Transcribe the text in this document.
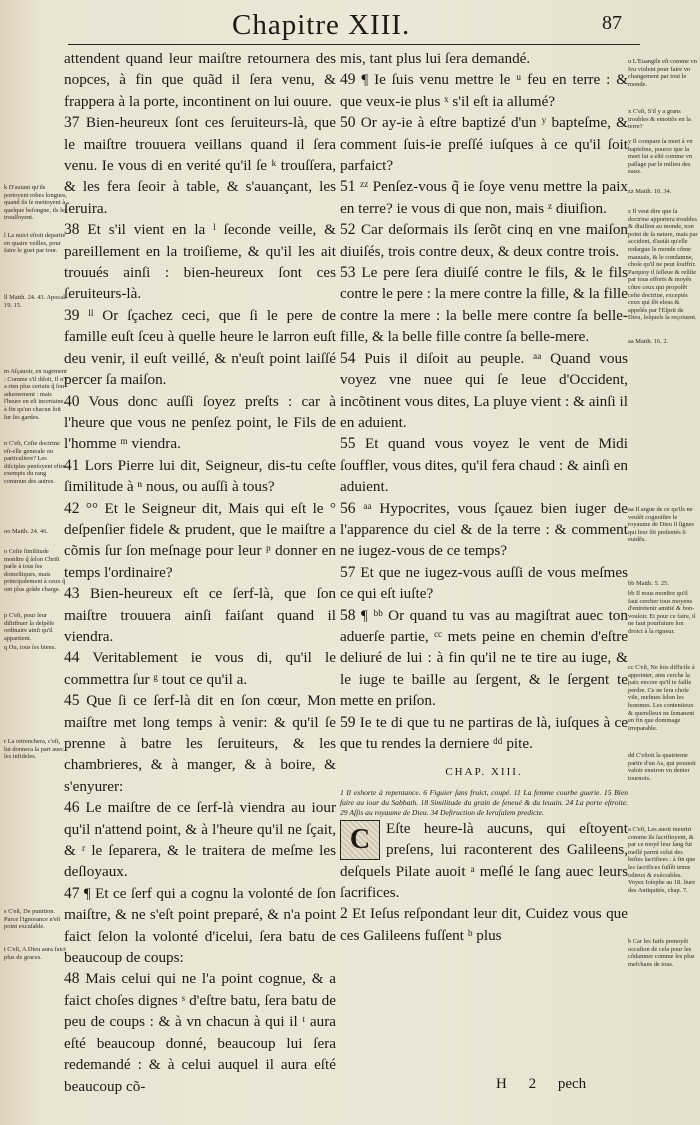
Chapitre XIII.	87

k D'autant qu'ils portoyent robes longues, quand ils ſe mettoyent à quelque beſongne, ils les trouſſoyent.

l La nuict eſtoit departie en quatre veilles, pour faire le guet par tour.

ll Matth. 24. 43. Apocal. 19. 15.

m Aſçauoir, en iugement : Comme s'il diſoit, Il n'y a rien plus certain q̃ ſon aduenement : mais l'heure en eſt incertaine, à fin qu'un chacun ſoit ſur ſes gardes.

n C'eſt, Ceſte doctrine eſt-elle generale ou particuliere? Les diſciples penſoyent eſtre exempts du rang commun des autres.

oo Matth. 24. 46.

o Ceſte ſimilitude monſtre q̃ ſelon Chriſt parle à tous ſes domeſtiques, mais principalement à ceux q̃ ont plus grãde charge.

p C'eſt, pour leur diſtribuer la deſpẽſe ordinaire ainſi qu'il appartient.

q Ou, tous ſes biens.

r La retrenchera, c'eſt, lui donnera ſa part auec les infideles.

s C'eſt, De punition. Parce l'ignorance n'eſt point excuſable.

t C'eſt, A Dieu aura faict plus de graces.

u L'Euangile eſt comme vn feu violent pour faire vn changement par tout le monde.

x C'eſt, S'il y a grans troubles & emotiõs en la terre?

y Il compare ſa mort à vn bapteſme, pource que la mort lui a eſté comme vn paſſage par le milieu des eaux.

zz Matth. 10. 34.

z Il veut dire que ſa doctrine apportera troubles & diuiſion au monde, non point de ſa nature, mais par accident, d'autãt qu'elle redargue le monde cõme mauuais, & le condamne, choſe qu'il ne peut ſouffrir. Parquoy il ſeſleue & reſiſte par tous efforts & moyẽs côtre ceux qui propoſẽt ceſte doctrine, exceptés ceux qui ſõt eleus & appelés par l'Eſprit de Dieu, leſquels la reçoiuent.

aa Matth. 16. 2.

aa Il argue de ce qu'ils ne veulẽt cognoiſtre le royaume de Dieu ſi ſignes qui leur ſõt preſentés ſi euidẽs.

bb Matth. 5. 25.

bb Il nous monſtre qu'il faut cercher tous moyens d'entretenir amitié & bon-vouloir. Et pour ce faire, il ne faut pourſuiure ſon droict à la rigueur.

cc C'eſt, Ne ſois difficile à appointer, ains cerche la paix encore qu'il te faille perdre. Ce ne ſera choſe vile, meſmes ſelon les hommes. Les contentieux & querelleux ne ſemanent en fin que dommage irreparable.

dd C'eſtoit la quatrieme partie d'un As, qui pouuoit valoir enuiron vn denier tournois.

a C'eſt, Les auoit meurtri comme ils ſacrifioyent, & par ce moyẽ leur ſang fut meſlé parmi celui des beſtes ſacrifiees : à fin que les ſacrifices fuſſẽt tenus odieux & exécrables. Voyez Ioſephe au 18. liure des Antiquités, chap. 7.

b Car les Iuifs prenoyẽt occaſion de cela pour les cõdamner comme les plus meſchans de tous.

attendent quand leur maiſtre retournera des nopces, à fin que quãd il ſera venu, & frappera à la porte, incontinent on lui ouure.

37 Bien-heureux ſont ces ſeruiteurs-là, que le maiſtre trouuera veillans quand il ſera venu. Ie vous di en verité qu'il ſe ᵏ trouſſera, & les fera ſeoir à table, & s'auançant, les ſeruira.

38 Et s'il vient en la ˡ ſeconde veille, & pareillement en la troiſieme, & qu'il les ait trouués ainſi : bien-heureux ſont ces ſeruiteurs-là.

39 ˡˡ Or ſçachez ceci, que ſi le pere de famille euſt ſceu à quelle heure le larron euſt deu venir, il euſt veillé, & n'euſt point laiſſé percer ſa maiſon.

40 Vous donc auſſi ſoyez preſts : car à l'heure que vous ne penſez point, le Fils de l'homme ᵐ viendra.

41 Lors Pierre lui dit, Seigneur, dis-tu ceſte ſimilitude à ⁿ nous, ou auſſi à tous?

42 °° Et le Seigneur dit, Mais qui eſt le ° deſpenſier fidele & prudent, que le maiſtre a cõmis ſur ſon meſnage pour leur ᵖ donner en temps l'ordinaire?

43 Bien-heureux eſt ce ſerf-là, que ſon maiſtre trouuera ainſi faiſant quand il viendra.

44 Veritablement ie vous di, qu'il le commettra ſur ᵍ tout ce qu'il a.

45 Que ſi ce ſerf-là dit en ſon cœur, Mon maiſtre met long temps à venir: & qu'il ſe prenne à batre les ſeruiteurs, & les chambrieres, & à manger, & à boire, & s'enyurer:

46 Le maiſtre de ce ſerf-là viendra au iour qu'il n'attend point, & à l'heure qu'il ne ſçait, & ʳ le ſeparera, & le traitera de meſme les deſloyaux.

47 ¶ Et ce ſerf qui a cognu la volonté de ſon maiſtre, & ne s'eſt point preparé, & n'a point faict ſelon la volonté d'icelui, ſera batu de beaucoup de coups:

48 Mais celui qui ne l'a point cognue, & a faict choſes dignes ˢ d'eſtre batu, ſera batu de peu de coups : & à vn chacun à qui il ᵗ aura eſté beaucoup donné, beaucoup lui ſera redemandé : & à celui auquel il aura eſté beaucoup cõ-

mis, tant plus lui ſera demandé.

49 ¶ Ie ſuis venu mettre le ᵘ feu en terre : & que veux-ie plus ˣ s'il eſt ia allumé?

50 Or ay-ie à eſtre baptizé d'un ʸ bapteſme, & comment ſuis-ie preſſé iuſques à ce qu'il ſoit parfaict?

51 ᶻᶻ Penſez-vous q̃ ie ſoye venu mettre la paix en terre? ie vous di que non, mais ᶻ diuiſion.

52 Car deſormais ils ſerõt cinq en vne maiſon diuiſés, trois contre deux, & deux contre trois.

53 Le pere ſera diuiſé contre le fils, & le fils contre le pere : la mere contre la fille, & la fille contre la mere : la belle mere contre ſa belle-fille, & la belle fille contre ſa belle-mere.

54 Puis il diſoit au peuple. ᵃᵃ Quand vous voyez vne nuee qui ſe leue d'Occident, incõtinent vous dites, La pluye vient : & ainſi il en aduient.

55 Et quand vous voyez le vent de Midi ſouffler, vous dites, qu'il fera chaud : & ainſi en aduient.

56 ᵃᵃ Hypocrites, vous ſçauez bien iuger de l'apparence du ciel & de la terre : & comment ne iugez-vous de ce temps?

57 Et que ne iugez-vous auſſi de vous meſmes ce qui eſt iuſte?

58 ¶ ᵇᵇ Or quand tu vas au magiſtrat auec ton aduerſe partie, ᶜᶜ mets peine en chemin d'eſtre deliuré de lui : à fin qu'il ne te tire au iuge, & le iuge te baille au ſergent, & le ſergent te mette en priſon.

59 Ie te di que tu ne partiras de là, iuſques à ce que tu rendes la derniere ᵈᵈ pite.

CHAP. XIII.

1 Il exhorte à repentance. 6 Figuier ſans fruict, coupé. 11 La femme courbe guerie. 15 Bien faire au iour du Sabbath. 18 Similitude du grain de ſeneué & du leuain. 24 La porte eſtroite. 29 Aſſis au royaume de Dieu. 34 Deſtruction de Ieruſalem predicte.

C	Eſte heure-là aucuns, qui eſtoyent preſens, lui raconterent des Galileens, deſquels Pilate auoit ᵃ meſlé le ſang auec leurs ſacrifices.

2 Et Ieſus reſpondant leur dit, Cuidez vous que ces Galileens fuſſent ᵇ plus

H 2 pech
